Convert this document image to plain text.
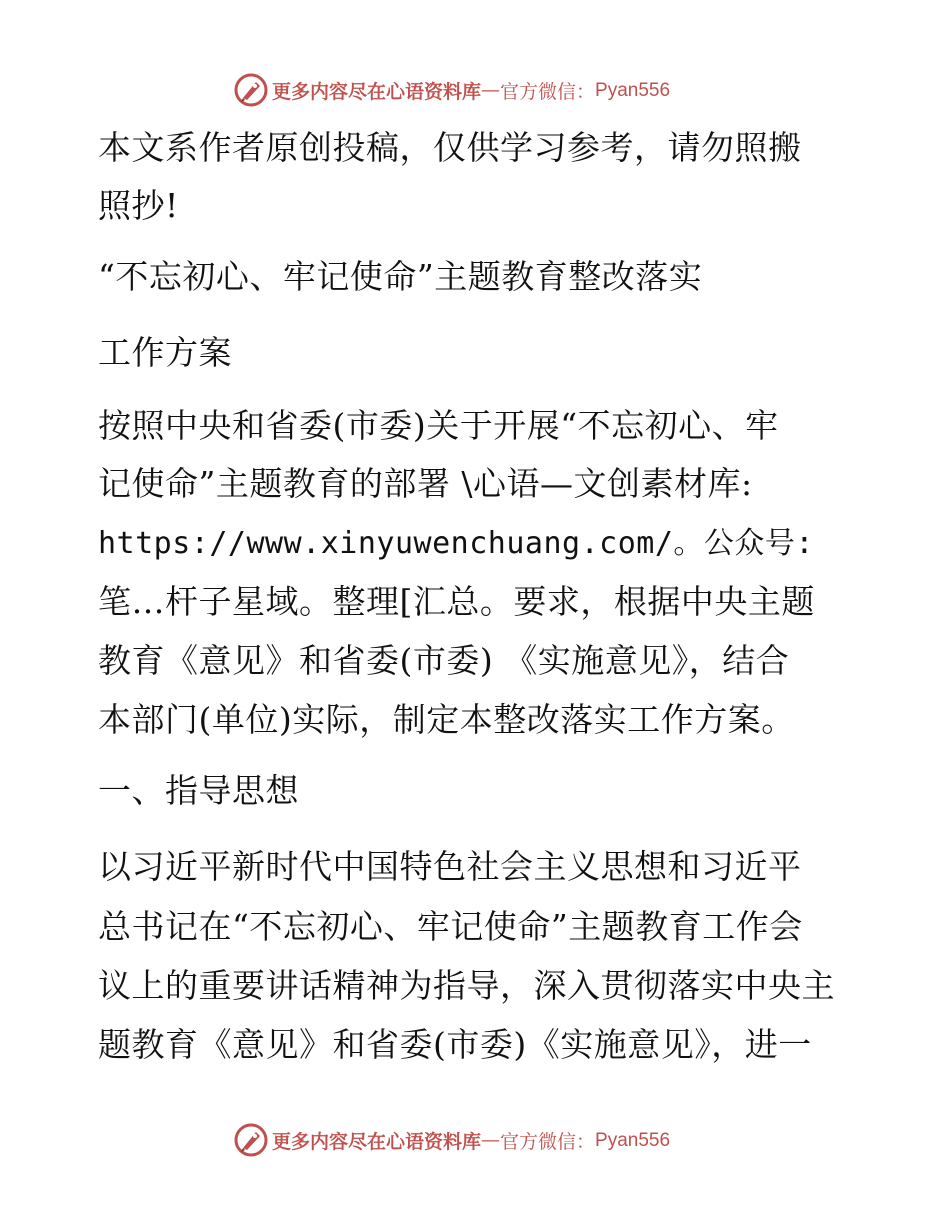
更多内容尽在心语资料库 — 官方微信： Pyan556
本文系作者原创投稿，仅供学习参考，请勿照搬
照抄!
“不忘初心、牢记使命”主题教育整改落实
工作方案
按照中央和省委(市委)关于开展“不忘初心、牢
记使命”主题教育的部署 \心语—文创素材库:
https://www.xinyuwenchuang.com/。公众号:
笔…杆子星域。整理[汇总。要求，根据中央主题
教育《意见》和省委(市委) 《实施意见》，结合
本部门(单位)实际，制定本整改落实工作方案。
一、指导思想
以习近平新时代中国特色社会主义思想和习近平
总书记在“不忘初心、牢记使命”主题教育工作会
议上的重要讲话精神为指导，深入贯彻落实中央主
题教育《意见》和省委(市委)《实施意见》，进一
更多内容尽在心语资料库 — 官方微信： Pyan556
